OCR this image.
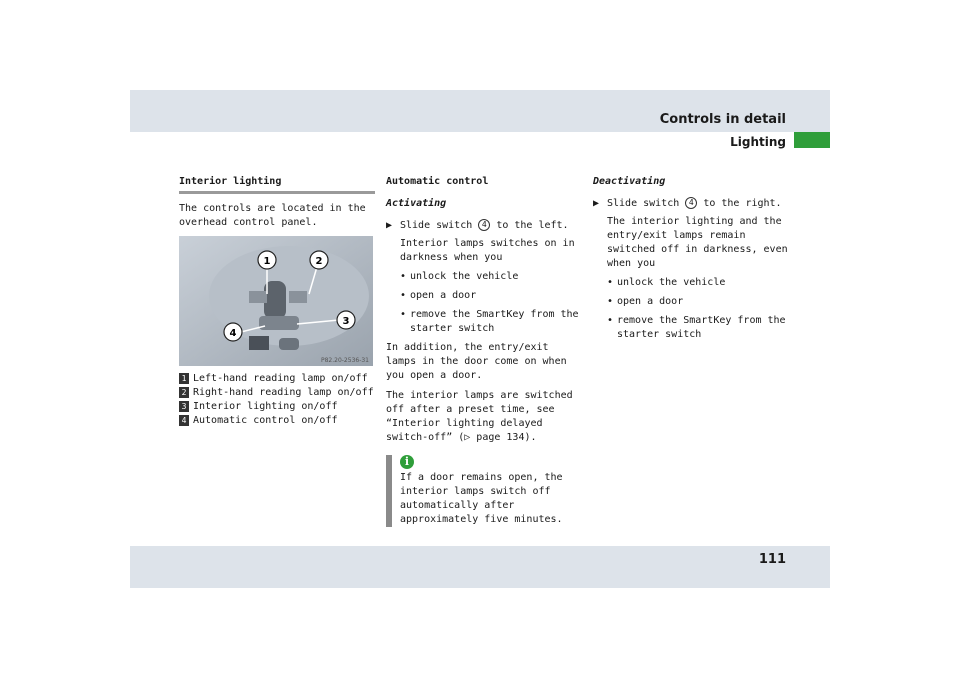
Controls in detail
Lighting
Interior lighting

The controls are located in the overhead control panel.

1	2
3
4
P82.20-2536-31
1 Left-hand reading lamp on/off
2 Right-hand reading lamp on/off
3 Interior lighting on/off
4 Automatic control on/off
Automatic control
Activating
▶ Slide switch 4 to the left.
Interior lamps switches on in darkness when you
• unlock the vehicle
• open a door
• remove the SmartKey from the starter switch

In addition, the entry/exit lamps in the door come on when you open a door.

The interior lamps are switched off after a preset time, see “Interior lighting delayed switch-off” (▷ page 134).

i
If a door remains open, the interior lamps switch off automatically after approximately five minutes.
Deactivating
▶ Slide switch 4 to the right.
The interior lighting and the entry/exit lamps remain switched off in darkness, even when you
• unlock the vehicle
• open a door
• remove the SmartKey from the starter switch
111
